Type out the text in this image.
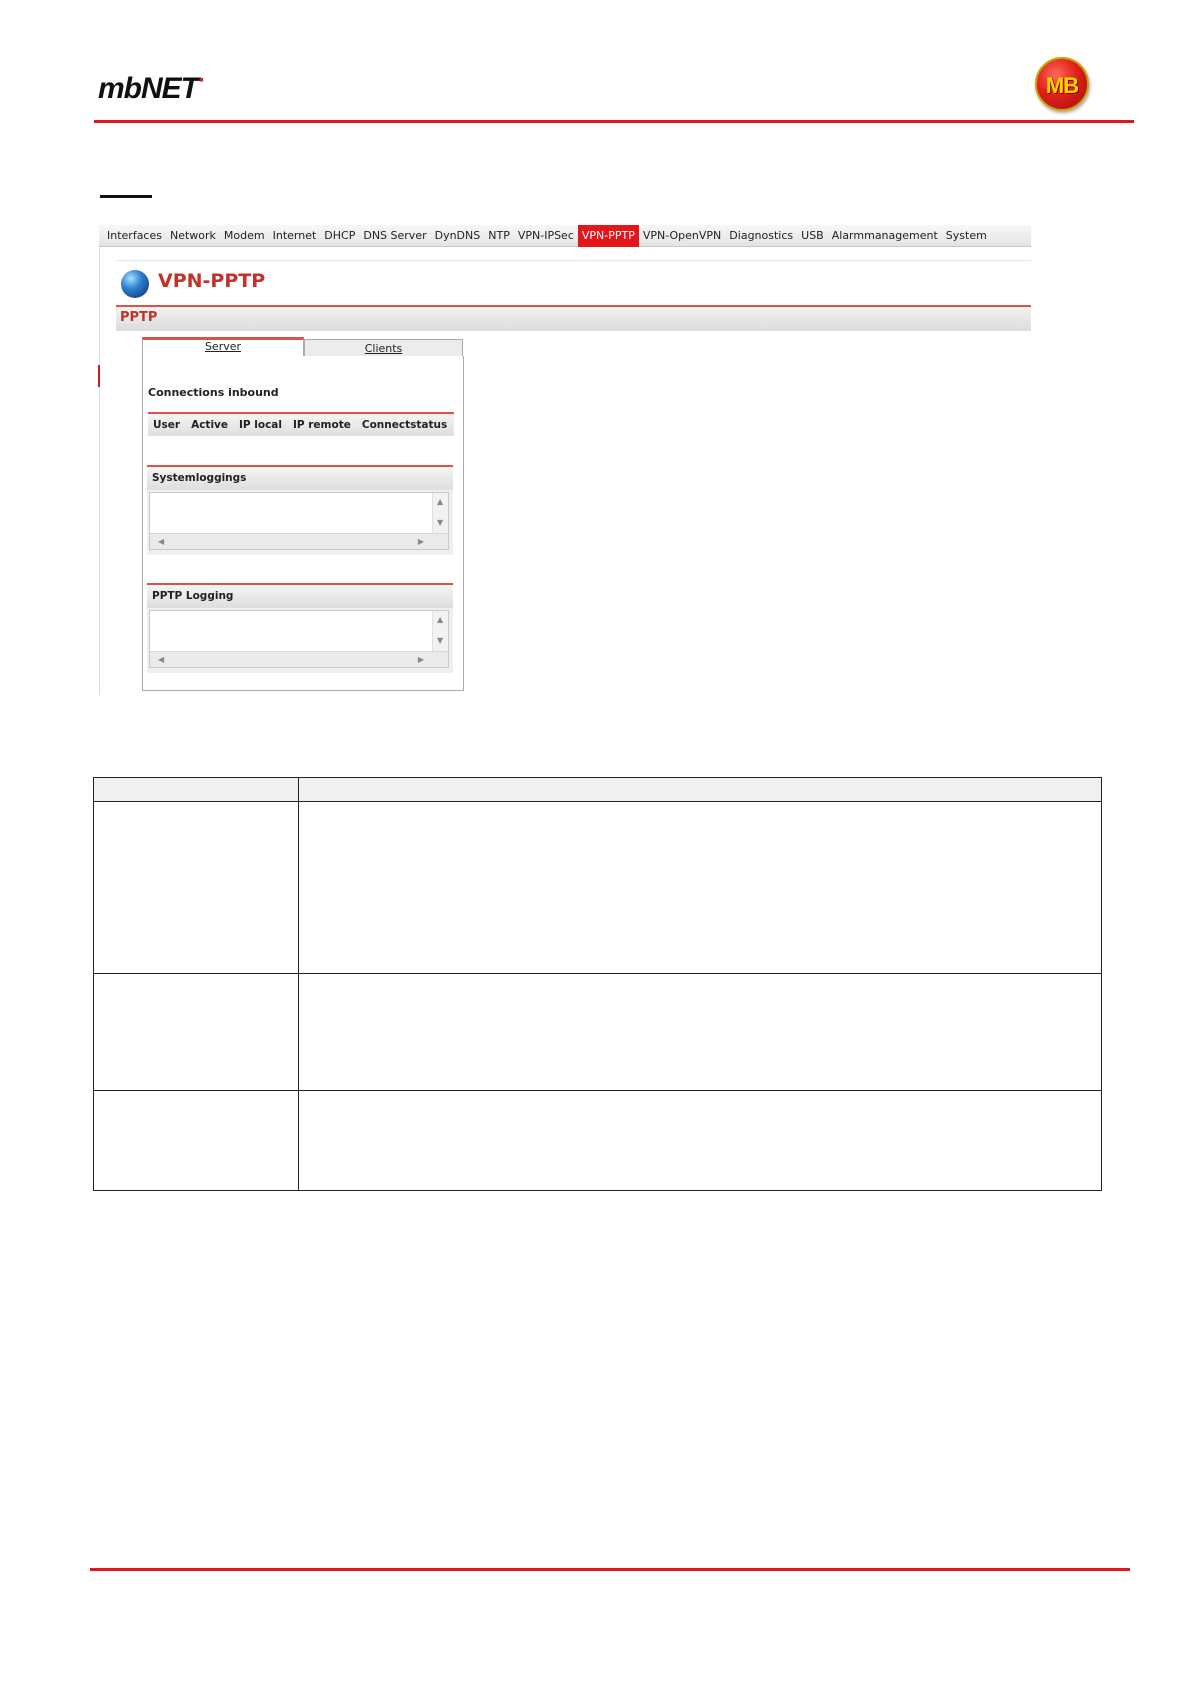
mbNET▪	MB
Interfaces Network Modem Internet DHCP DNS Server DynDNS NTP VPN-IPSec VPN-PPTP VPN-OpenVPN Diagnostics USB Alarmmanagement System
VPN-PPTP
PPTP
Server	Clients
Connections inbound
User Active IP local IP remote Connectstatus
Systemloggings
▲
▼
◀	▶
PPTP Logging
▲
▼
◀	▶
